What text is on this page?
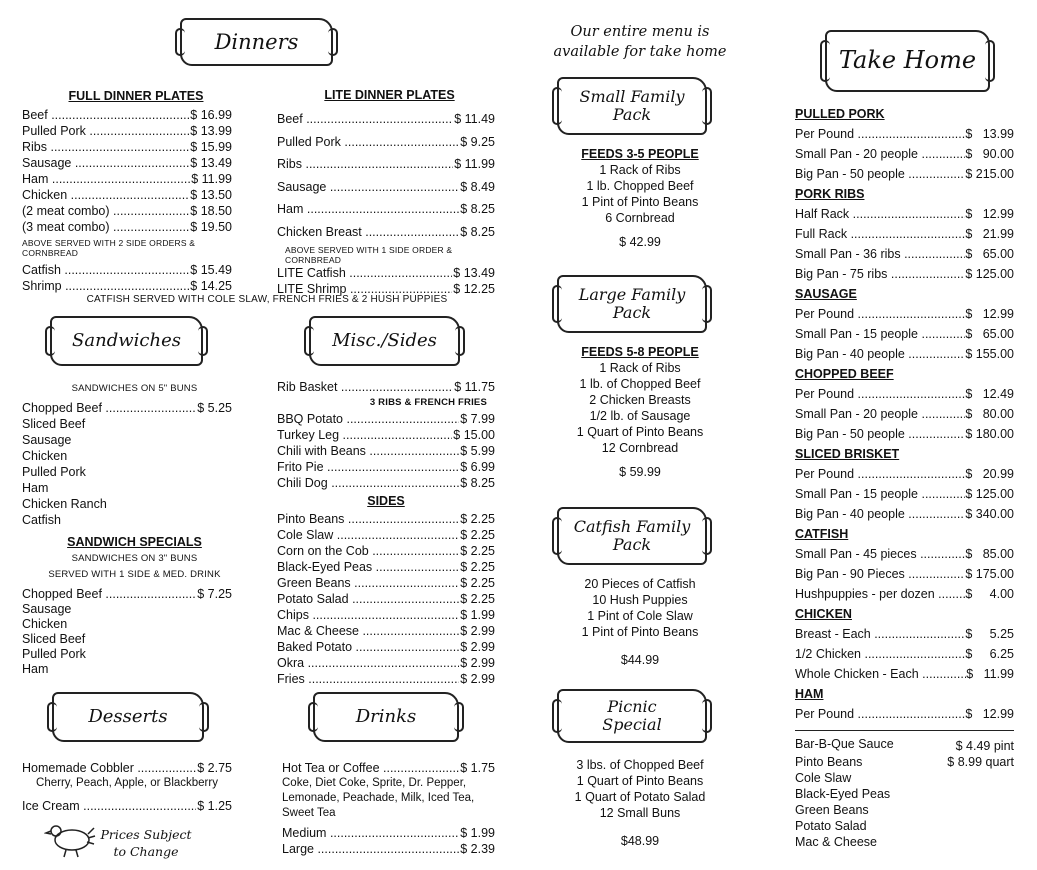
Dinners
FULL DINNER PLATES
Beef .....	$ 16.99
Pulled Pork .....	$ 13.99
Ribs .....	$ 15.99
Sausage .....	$ 13.49
Ham .....	$ 11.99
Chicken .....	$ 13.50
(2 meat combo) .....	$ 18.50
(3 meat combo) .....	$ 19.50
ABOVE SERVED WITH 2 SIDE ORDERS & CORNBREAD
Catfish .....	$ 15.49
Shrimp .....	$ 14.25
LITE DINNER PLATES
Beef .....	$ 11.49
Pulled Pork .....	$ 9.25
Ribs .....	$ 11.99
Sausage .....	$ 8.49
Ham .....	$ 8.25
Chicken Breast .....	$ 8.25
ABOVE SERVED WITH 1 SIDE ORDER & CORNBREAD
LITE Catfish .....	$ 13.49
LITE Shrimp .....	$ 12.25
CATFISH SERVED WITH COLE SLAW, FRENCH FRIES & 2 HUSH PUPPIES
Sandwiches
SANDWICHES ON 5" BUNS
Chopped Beef .....	$ 5.25
Sliced Beef
Sausage
Chicken
Pulled Pork
Ham
Chicken Ranch
Catfish
SANDWICH SPECIALS
SANDWICHES ON 3" BUNS
SERVED WITH 1 SIDE & MED. DRINK
Chopped Beef .....	$ 7.25
Sausage
Chicken
Sliced Beef
Pulled Pork
Ham
Misc./Sides
Rib Basket .....	$ 11.75
3 RIBS & FRENCH FRIES
BBQ Potato .....	$ 7.99
Turkey Leg .....	$ 15.00
Chili with Beans .....	$ 5.99
Frito Pie .....	$ 6.99
Chili Dog .....	$ 8.25
SIDES
Pinto Beans .....	$ 2.25
Cole Slaw .....	$ 2.25
Corn on the Cob .....	$ 2.25
Black-Eyed Peas .....	$ 2.25
Green Beans .....	$ 2.25
Potato Salad .....	$ 2.25
Chips .....	$ 1.99
Mac & Cheese .....	$ 2.99
Baked Potato .....	$ 2.99
Okra .....	$ 2.99
Fries .....	$ 2.99
Desserts
Homemade Cobbler .....	$ 2.75
Cherry, Peach, Apple, or Blackberry
Ice Cream .....	$ 1.25
Prices Subject
to Change
Drinks
Hot Tea or Coffee .....	$ 1.75
Coke, Diet Coke, Sprite, Dr. Pepper,
Lemonade, Peachade, Milk, Iced Tea,
Sweet Tea
Medium .....	$ 1.99
Large .....	$ 2.39
Our entire menu is
available for take home
Small Family
Pack
FEEDS 3-5 PEOPLE
1 Rack of Ribs
1 lb. Chopped Beef
1 Pint of Pinto Beans
6 Cornbread
$ 42.99
Large Family
Pack
FEEDS 5-8 PEOPLE
1 Rack of Ribs
1 lb. of Chopped Beef
2 Chicken Breasts
1/2 lb. of Sausage
1 Quart of Pinto Beans
12 Cornbread
$ 59.99
Catfish Family
Pack
20 Pieces of Catfish
10 Hush Puppies
1 Pint of Cole Slaw
1 Pint of Pinto Beans
$44.99
Picnic
Special
3 lbs. of Chopped Beef
1 Quart of Pinto Beans
1 Quart of Potato Salad
12 Small Buns
$48.99
Take Home
PULLED PORK
Per Pound .....	$   13.99
Small Pan - 20 people .....	$   90.00
Big Pan - 50 people .....	$ 215.00
PORK RIBS
Half Rack .....	$   12.99
Full Rack .....	$   21.99
Small Pan - 36 ribs .....	$   65.00
Big Pan - 75 ribs .....	$ 125.00
SAUSAGE
Per Pound .....	$   12.99
Small Pan - 15 people .....	$   65.00
Big Pan - 40 people .....	$ 155.00
CHOPPED BEEF
Per Pound .....	$   12.49
Small Pan - 20 people .....	$   80.00
Big Pan - 50 people .....	$ 180.00
SLICED BRISKET
Per Pound .....	$   20.99
Small Pan - 15 people .....	$ 125.00
Big Pan - 40 people .....	$ 340.00
CATFISH
Small Pan - 45 pieces .....	$   85.00
Big Pan - 90 Pieces .....	$ 175.00
Hushpuppies - per dozen .....	$     4.00
CHICKEN
Breast - Each .....	$     5.25
1/2 Chicken .....	$     6.25
Whole Chicken - Each .....	$   11.99
HAM
Per Pound .....	$   12.99
Bar-B-Que Sauce	$ 4.49 pint
Pinto Beans	$ 8.99 quart
Cole Slaw
Black-Eyed Peas
Green Beans
Potato Salad
Mac & Cheese
